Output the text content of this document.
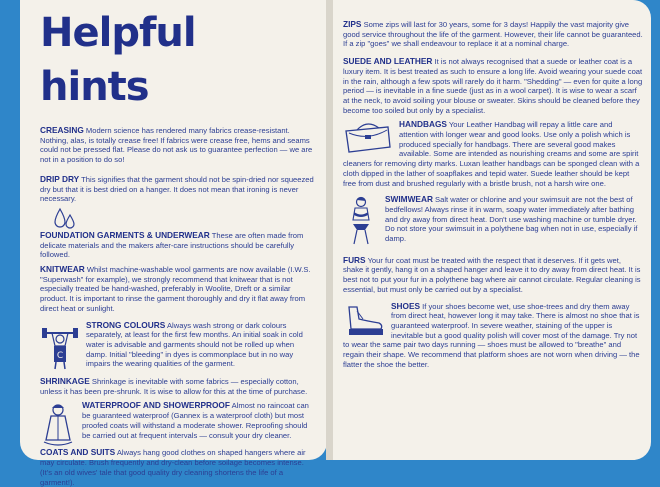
Helpful hints

CREASING Modern science has rendered many fabrics crease-resistant. Nothing, alas, is totally crease free! If fabrics were crease free, hems and seams could not be pressed flat. Please do not ask us to guarantee perfection — we are not in a position to do so!

DRIP DRY This signifies that the garment should not be spin-dried nor squeezed dry but that it is best dried on a hanger. It does not mean that ironing is never necessary.

FOUNDATION GARMENTS & UNDERWEAR These are often made from delicate materials and the makers after-care instructions should be carefully followed.

KNITWEAR Whilst machine-washable wool garments are now available (I.W.S. "Superwash" for example), we strongly recommend that knitwear that is not especially treated be hand-washed, preferably in Woolite, Dreft or a similar product. It is important to rinse the garment thoroughly and dry it flat away from direct heat or sunlight.

C
STRONG COLOURS Always wash strong or dark colours separately, at least for the first few months. An initial soak in cold water is advisable and garments should not be rolled up when damp. Initial "bleeding" in dyes is commonplace but in no way impairs the wearing qualities of the garment.

SHRINKAGE Shrinkage is inevitable with some fabrics — especially cotton, unless it has been pre-shrunk. It is wise to allow for this at the time of purchase.

WATERPROOF AND SHOWERPROOF Almost no raincoat can be guaranteed waterproof (Gannex is a waterproof cloth) but most proofed coats will withstand a moderate shower. Reproofing should be carried out at frequent intervals — consult your dry cleaner.

COATS AND SUITS Always hang good clothes on shaped hangers where air may circulate. Brush frequently and dry-clean before soilage becomes intense. (It's an old wives' tale that good quality dry cleaning shortens the life of a garment!).

ZIPS Some zips will last for 30 years, some for 3 days! Happily the vast majority give good service throughout the life of the garment. However, their life cannot be guaranteed. If a zip "goes" we shall endeavour to replace it at a nominal charge.

SUEDE AND LEATHER It is not always recognised that a suede or leather coat is a luxury item. It is best treated as such to ensure a long life. Avoid wearing your suede coat in the rain, although a few spots will rarely do it harm. "Shedding" — even for quite a long period — is inevitable in a fine suede (just as in a wool carpet). It is wise to wear a scarf at the neck, to avoid soiling your blouse or sweater. Skins should be cleaned before they become too soiled but only by a specialist.

HANDBAGS Your Leather Handbag will repay a little care and attention with longer wear and good looks. Use only a polish which is produced specially for handbags. There are several good makes available. Some are intended as nourishing creams and some are spirit cleaners for removing dirty marks. Luxan leather handbags can be sponged clean with a cloth dipped in the lather of soapflakes and tepid water. Suede leather should be kept free from dust and brushed regularly with a bristle brush, not a harsh wire one.

SWIMWEAR Salt water or chlorine and your swimsuit are not the best of bedfellows! Always rinse it in warm, soapy water immediately after bathing and dry away from direct heat. Don't use washing machine or tumble dryer. Do not store your swimsuit in a polythene bag when not in use, especially if damp.

FURS Your fur coat must be treated with the respect that it deserves. If it gets wet, shake it gently, hang it on a shaped hanger and leave it to dry away from direct heat. It is best not to put your fur in a polythene bag where air cannot circulate. Regular cleaning is essential, but must only be carried out by a specialist.

SHOES If your shoes become wet, use shoe-trees and dry them away from direct heat, however long it may take. There is almost no shoe that is guaranteed waterproof. In severe weather, staining of the upper is inevitable but a good quality polish will cover most of the damage. Try not to wear the same pair two days running — shoes must be allowed to "breathe" and regain their shape. We recommend that platform shoes are not worn when driving — the flatter the shoe the better.
